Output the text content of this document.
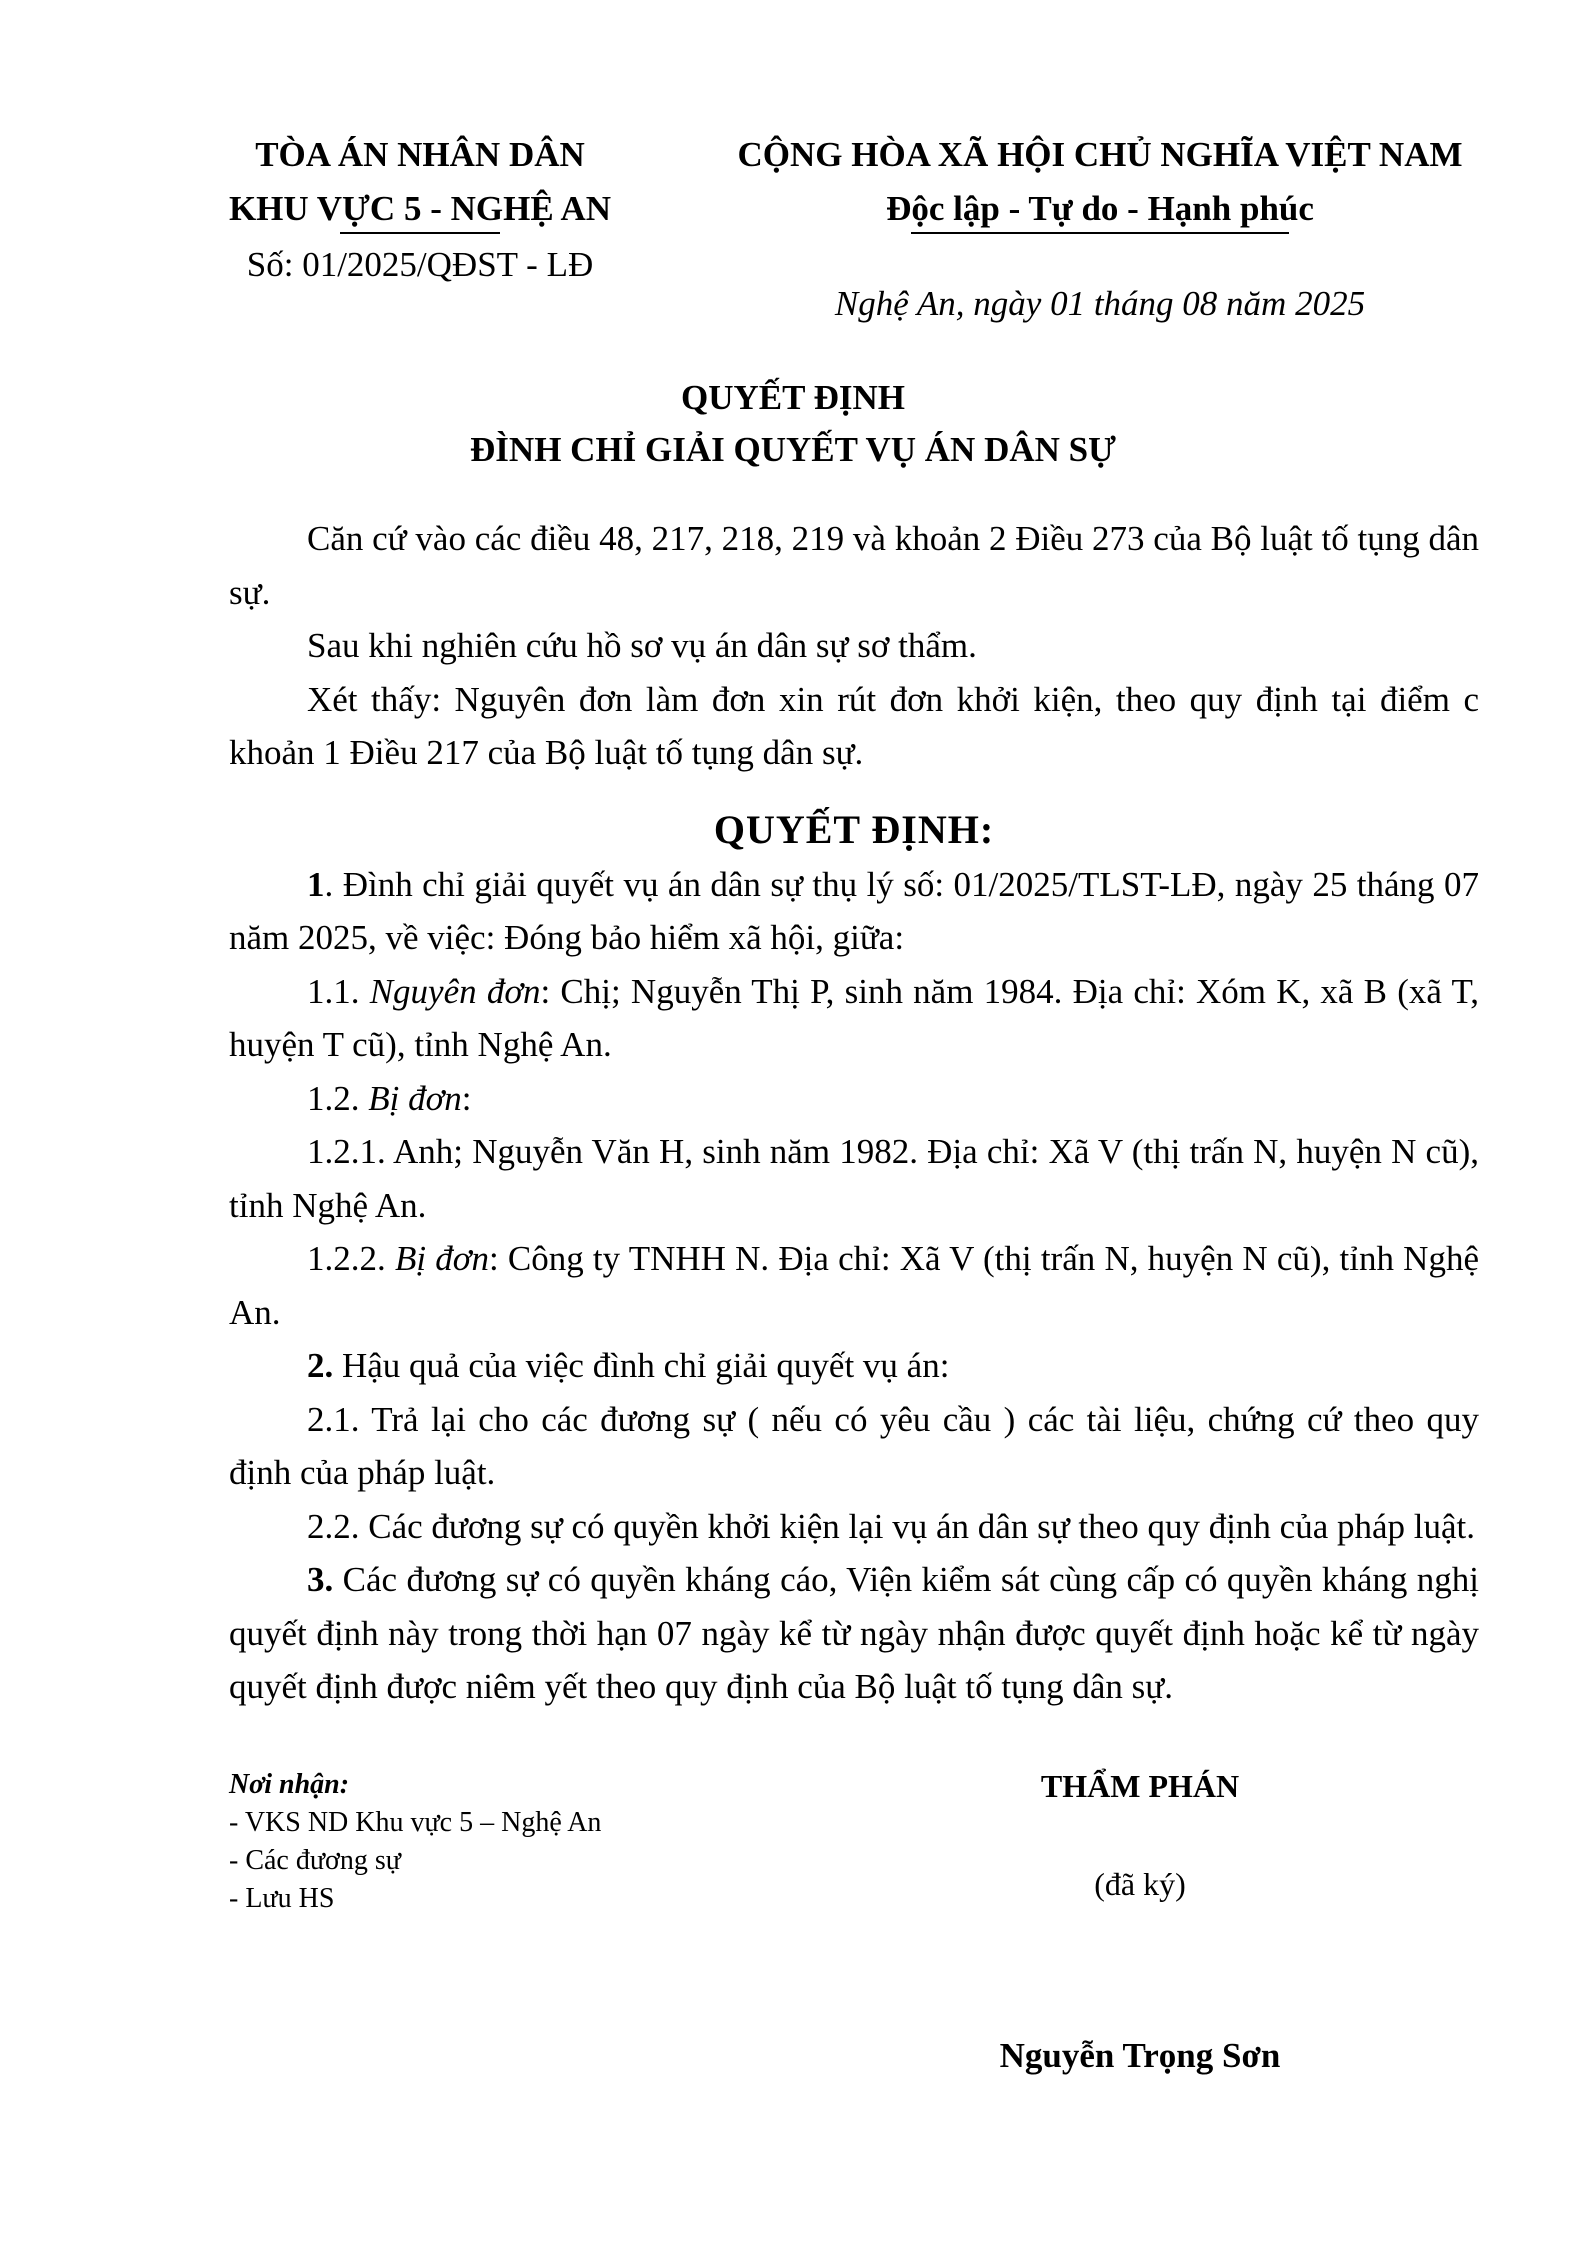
TÒA ÁN NHÂN DÂN
KHU VỰC 5 - NGHỆ AN
Số: 01/2025/QĐST - LĐ
CỘNG HÒA XÃ HỘI CHỦ NGHĨA VIỆT NAM
Độc lập - Tự do - Hạnh phúc
Nghệ An, ngày 01 tháng 08 năm 2025
QUYẾT ĐỊNH
ĐÌNH CHỈ GIẢI QUYẾT VỤ ÁN DÂN SỰ

Căn cứ vào các điều 48, 217, 218, 219 và khoản 2 Điều 273 của Bộ luật tố tụng dân sự.

Sau khi nghiên cứu hồ sơ vụ án dân sự sơ thẩm.

Xét thấy: Nguyên đơn làm đơn xin rút đơn khởi kiện, theo quy định tại điểm c khoản 1 Điều 217 của Bộ luật tố tụng dân sự.

QUYẾT ĐỊNH:

1. Đình chỉ giải quyết vụ án dân sự thụ lý số: 01/2025/TLST-LĐ, ngày 25 tháng 07 năm 2025, về việc: Đóng bảo hiểm xã hội, giữa:

1.1. Nguyên đơn: Chị; Nguyễn Thị P, sinh năm 1984. Địa chỉ: Xóm K, xã B (xã T, huyện T cũ), tỉnh Nghệ An.

1.2. Bị đơn:

1.2.1. Anh; Nguyễn Văn H, sinh năm 1982. Địa chỉ: Xã V (thị trấn N, huyện N cũ), tỉnh Nghệ An.

1.2.2. Bị đơn: Công ty TNHH N. Địa chỉ: Xã V (thị trấn N, huyện N cũ), tỉnh Nghệ An.

2. Hậu quả của việc đình chỉ giải quyết vụ án:

2.1. Trả lại cho các đương sự ( nếu có yêu cầu ) các tài liệu, chứng cứ theo quy định của pháp luật.

2.2. Các đương sự có quyền khởi kiện lại vụ án dân sự theo quy định của pháp luật.

3. Các đương sự có quyền kháng cáo, Viện kiểm sát cùng cấp có quyền kháng nghị quyết định này trong thời hạn 07 ngày kể từ ngày nhận được quyết định hoặc kể từ ngày quyết định được niêm yết theo quy định của Bộ luật tố tụng dân sự.

Nơi nhận:
- VKS ND Khu vực 5 – Nghệ An
- Các đương sự
- Lưu HS
THẨM PHÁN
(đã ký)
Nguyễn Trọng Sơn
